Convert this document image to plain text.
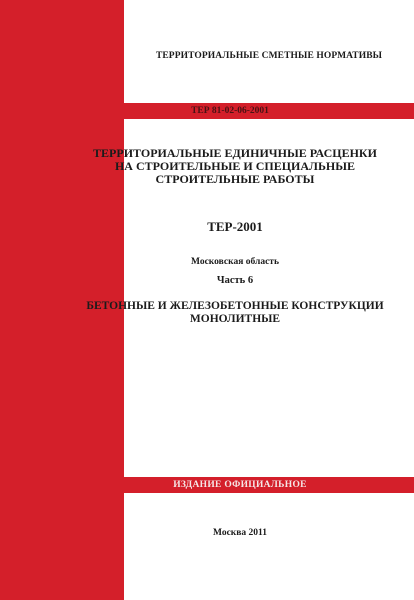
ТЕРРИТОРИАЛЬНЫЕ СМЕТНЫЕ НОРМАТИВЫ
ТЕР 81-02-06-2001
ТЕРРИТОРИАЛЬНЫЕ ЕДИНИЧНЫЕ РАСЦЕНКИ
НА СТРОИТЕЛЬНЫЕ И СПЕЦИАЛЬНЫЕ
СТРОИТЕЛЬНЫЕ РАБОТЫ
ТЕР-2001
Московская область
Часть 6
БЕТОННЫЕ И ЖЕЛЕЗОБЕТОННЫЕ КОНСТРУКЦИИ
МОНОЛИТНЫЕ
ИЗДАНИЕ ОФИЦИАЛЬНОЕ
Москва 2011
